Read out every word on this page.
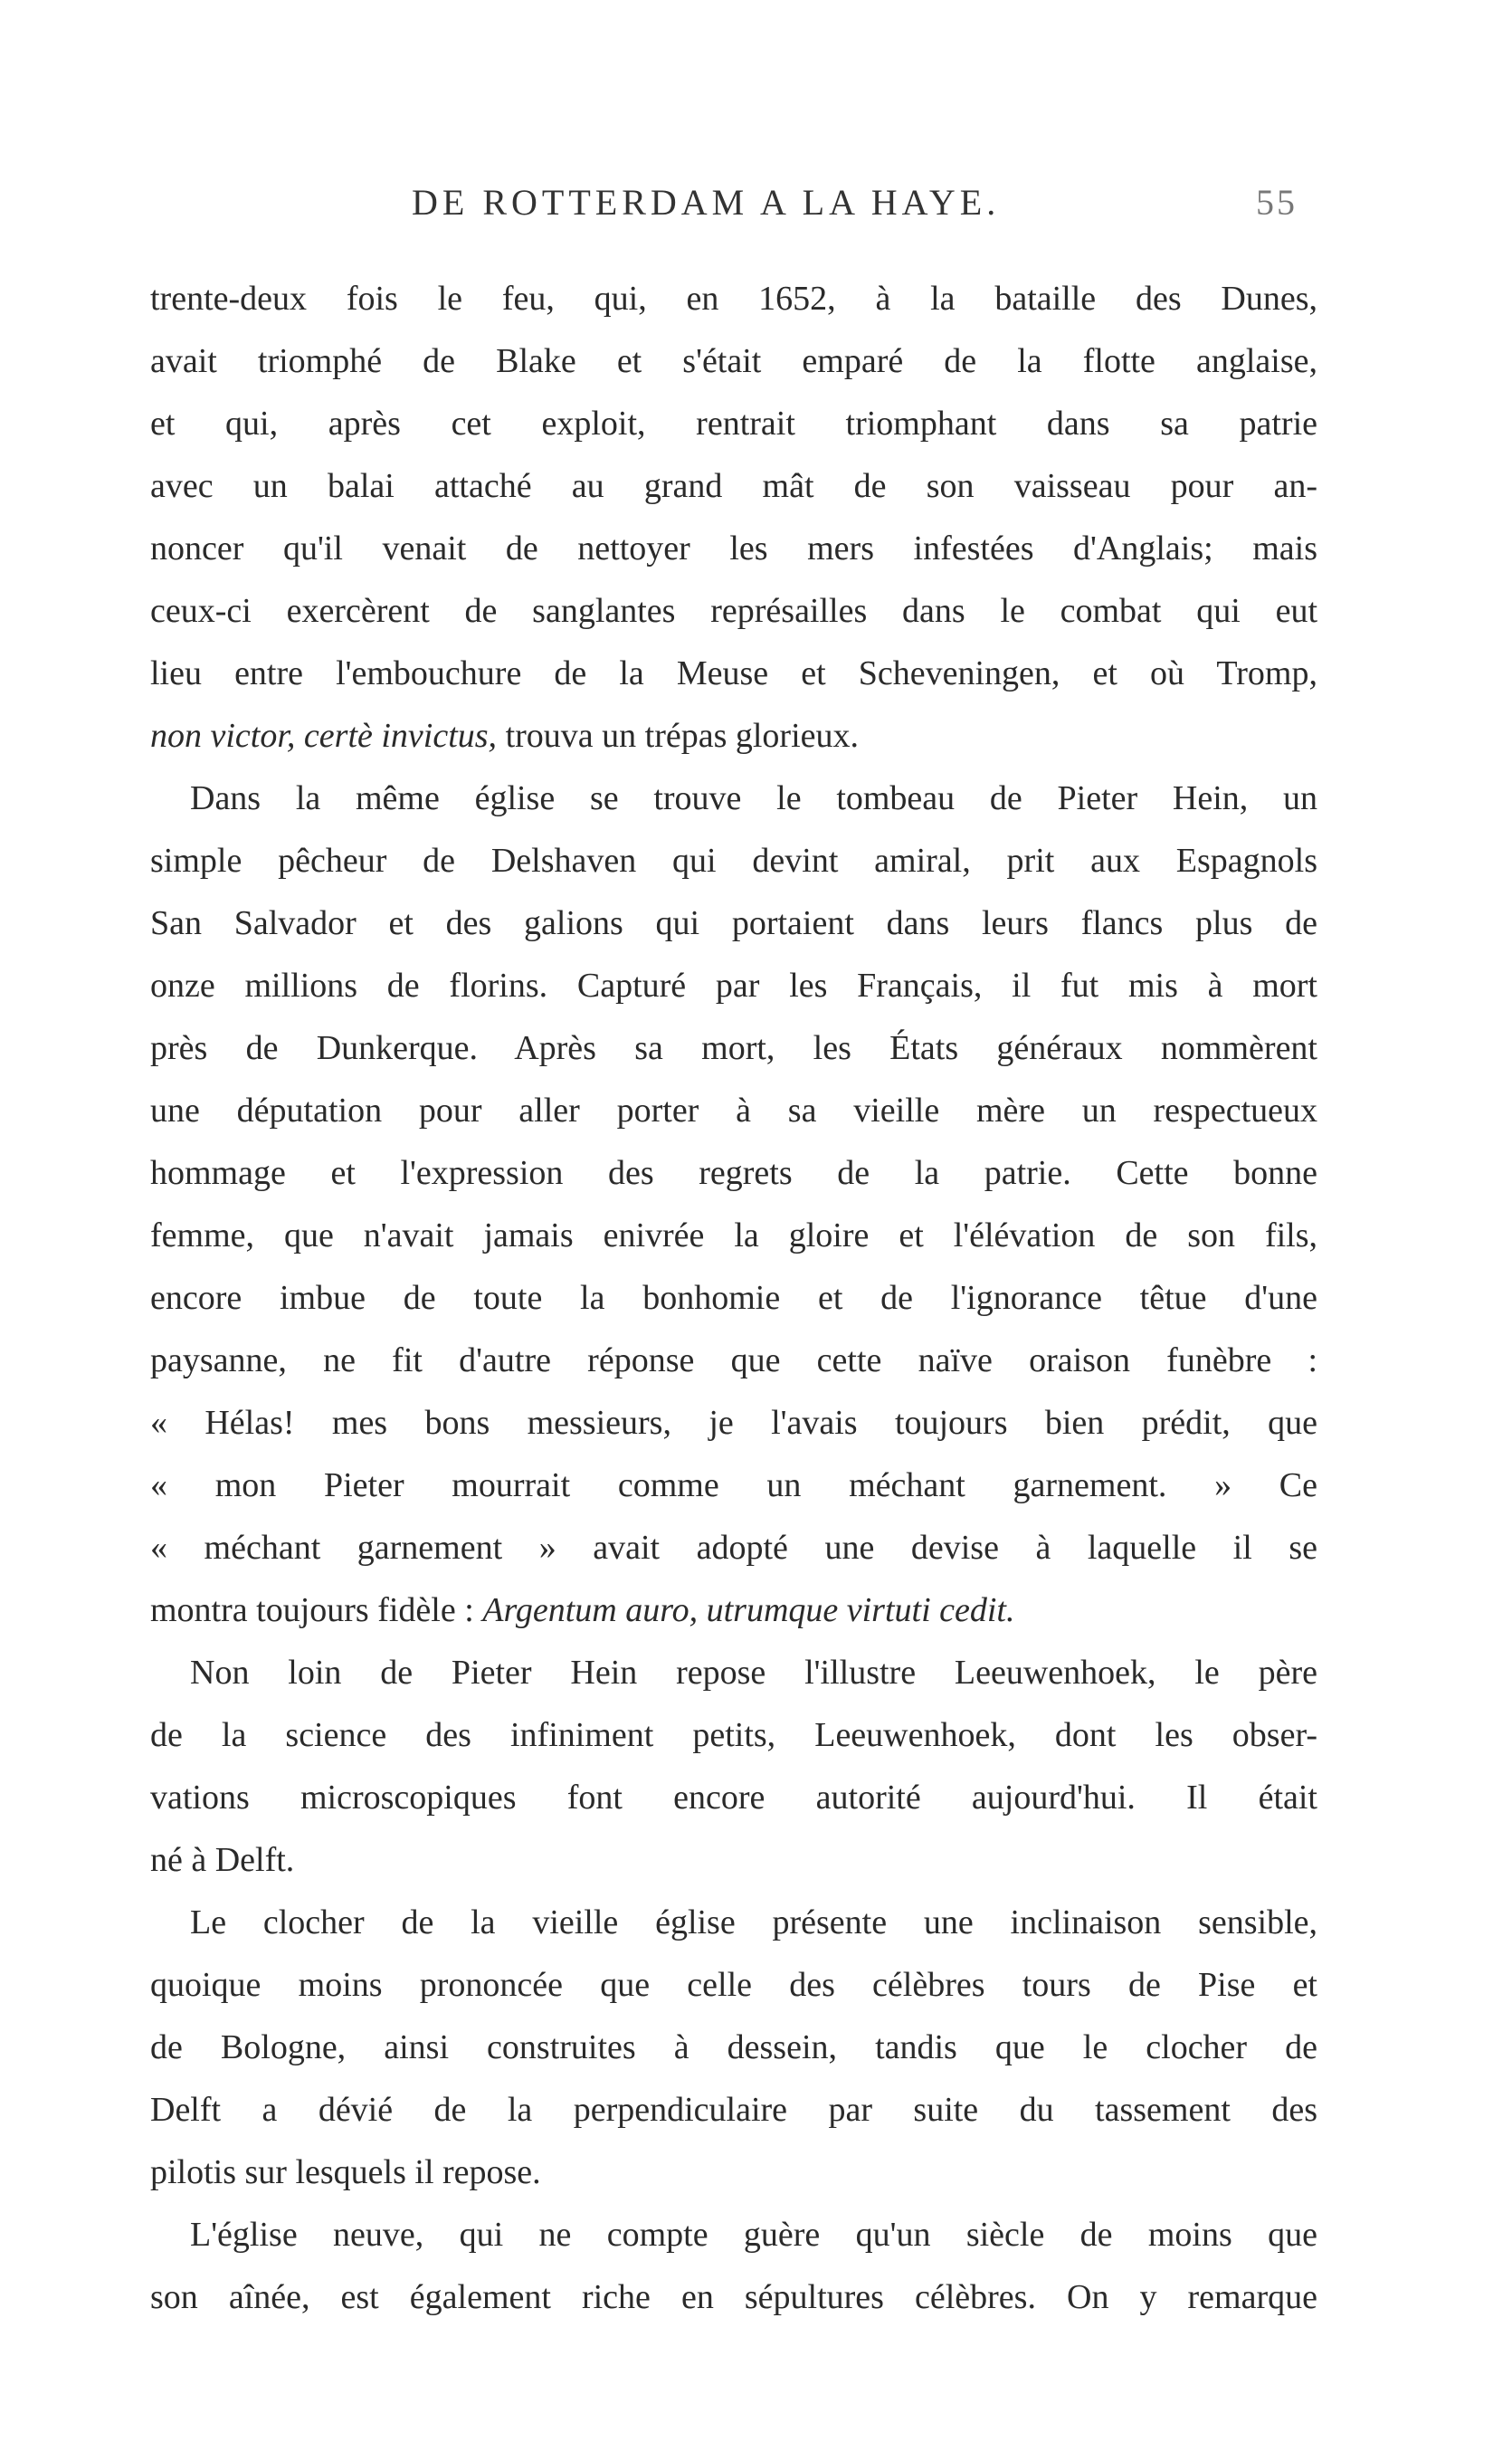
DE ROTTERDAM A LA HAYE.	55
trente-deux fois le feu, qui, en 1652, à la bataille des Dunes,
avait triomphé de Blake et s'était emparé de la flotte anglaise,
et qui, après cet exploit, rentrait triomphant dans sa patrie
avec un balai attaché au grand mât de son vaisseau pour an-
noncer qu'il venait de nettoyer les mers infestées d'Anglais; mais
ceux-ci exercèrent de sanglantes représailles dans le combat qui eut
lieu entre l'embouchure de la Meuse et Scheveningen, et où Tromp,
non victor, certè invictus, trouva un trépas glorieux.
Dans la même église se trouve le tombeau de Pieter Hein, un
simple pêcheur de Delshaven qui devint amiral, prit aux Espagnols
San Salvador et des galions qui portaient dans leurs flancs plus de
onze millions de florins. Capturé par les Français, il fut mis à mort
près de Dunkerque. Après sa mort, les États généraux nommèrent
une députation pour aller porter à sa vieille mère un respectueux
hommage et l'expression des regrets de la patrie. Cette bonne
femme, que n'avait jamais enivrée la gloire et l'élévation de son fils,
encore imbue de toute la bonhomie et de l'ignorance têtue d'une
paysanne, ne fit d'autre réponse que cette naïve oraison funèbre :
« Hélas! mes bons messieurs, je l'avais toujours bien prédit, que
« mon Pieter mourrait comme un méchant garnement. » Ce
« méchant garnement » avait adopté une devise à laquelle il se
montra toujours fidèle : Argentum auro, utrumque virtuti cedit.
Non loin de Pieter Hein repose l'illustre Leeuwenhoek, le père
de la science des infiniment petits, Leeuwenhoek, dont les obser-
vations microscopiques font encore autorité aujourd'hui. Il était
né à Delft.
Le clocher de la vieille église présente une inclinaison sensible,
quoique moins prononcée que celle des célèbres tours de Pise et
de Bologne, ainsi construites à dessein, tandis que le clocher de
Delft a dévié de la perpendiculaire par suite du tassement des
pilotis sur lesquels il repose.
L'église neuve, qui ne compte guère qu'un siècle de moins que
son aînée, est également riche en sépultures célèbres. On y remarque
